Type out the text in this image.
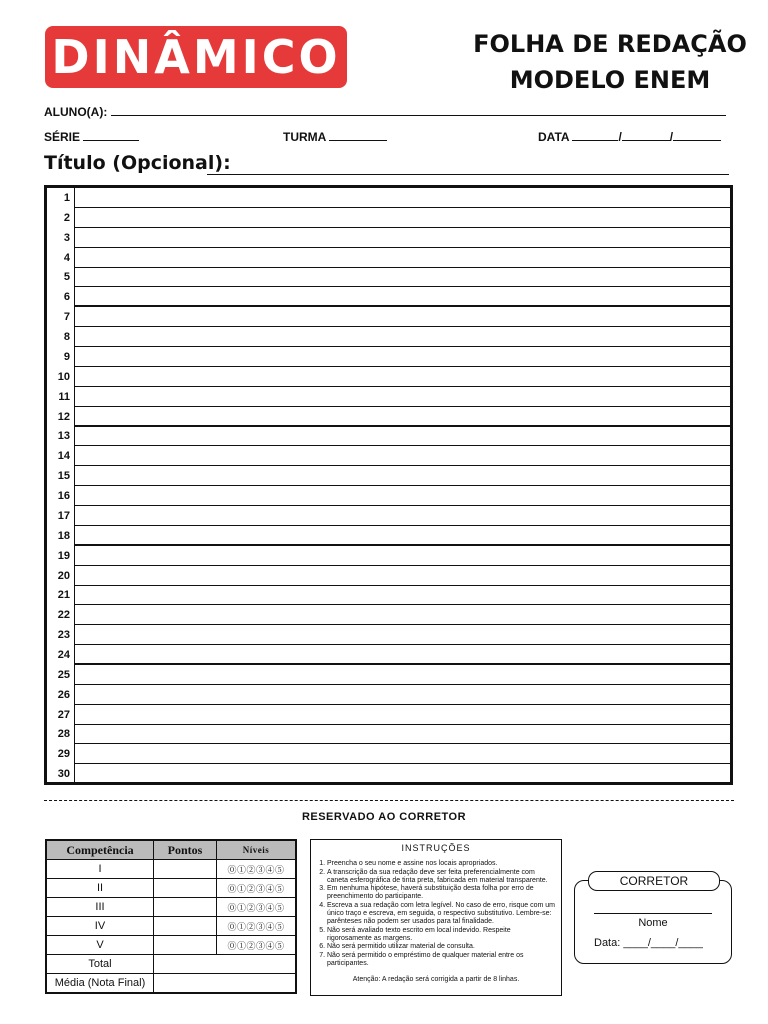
DINÂMICO	FOLHA DE REDAÇÃO
MODELO ENEM
ALUNO(A):
SÉRIE	TURMA	DATA	/	/
Título (Opcional):
1
2
3
4
5
6
7
8
9
10
11
12
13
14
15
16
17
18
19
20
21
22
23
24
25
26
27
28
29
30
RESERVADO AO CORRETOR
Competência	Pontos	Níveis
I		⓪①②③④⑤
II		⓪①②③④⑤
III		⓪①②③④⑤
IV		⓪①②③④⑤
V		⓪①②③④⑤
Total		
Média (Nota Final)		
INSTRUÇÕES
1. Preencha o seu nome e assine nos locais apropriados.
2. A transcrição da sua redação deve ser feita preferencialmente com caneta esferográfica de tinta preta, fabricada em material transparente.
3. Em nenhuma hipótese, haverá substituição desta folha por erro de preenchimento do participante.
4. Escreva a sua redação com letra legível. No caso de erro, risque com um único traço e escreva, em seguida, o respectivo substitutivo. Lembre-se: parênteses não podem ser usados para tal finalidade.
5. Não será avaliado texto escrito em local indevido. Respeite rigorosamente as margens.
6. Não será permitido utilizar material de consulta.
7. Não será permitido o empréstimo de qualquer material entre os participantes.
Atenção: A redação será corrigida a partir de 8 linhas.
CORRETOR
Nome
Data: ____/____/____
